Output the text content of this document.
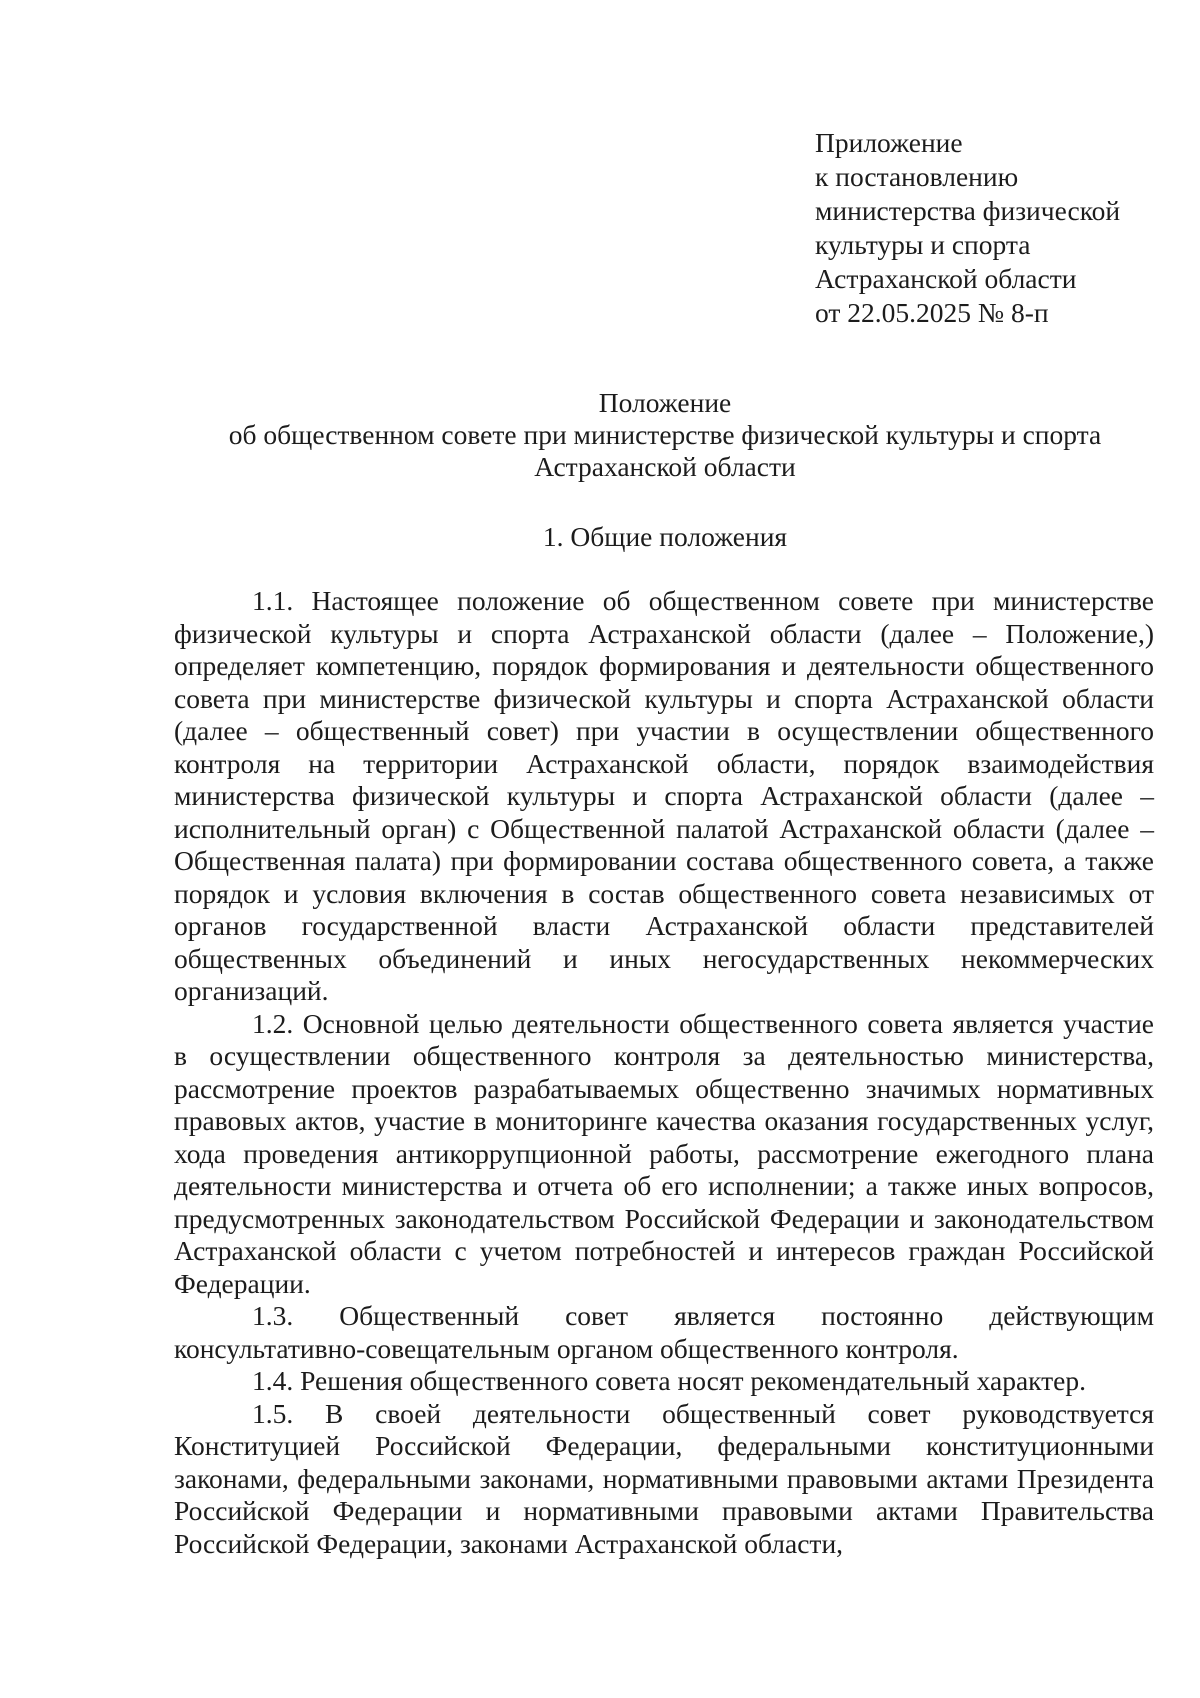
Приложение
к постановлению
министерства физической
культуры и спорта
Астраханской области
от 22.05.2025 № 8-п
Положение
об общественном совете при министерстве физической культуры и спорта
Астраханской области
1. Общие положения

1.1. Настоящее положение об общественном совете при министерстве физической культуры и спорта Астраханской области (далее – Положение,) определяет компетенцию, порядок формирования и деятельности общественного совета при министерстве физической культуры и спорта Астраханской области (далее – общественный совет) при участии в осуществлении общественного контроля на территории Астраханской области, порядок взаимодействия министерства физической культуры и спорта Астраханской области (далее – исполнительный орган) с Общественной палатой Астраханской области (далее – Общественная палата) при формировании состава общественного совета, а также порядок и условия включения в состав общественного совета независимых от органов государственной власти Астраханской области представителей общественных объединений и иных негосударственных некоммерческих организаций.

1.2. Основной целью деятельности общественного совета является участие в осуществлении общественного контроля за деятельностью министерства, рассмотрение проектов разрабатываемых общественно значимых нормативных правовых актов, участие в мониторинге качества оказания государственных услуг, хода проведения антикоррупционной работы, рассмотрение ежегодного плана деятельности министерства и отчета об его исполнении; а также иных вопросов, предусмотренных законодательством Российской Федерации и законодательством Астраханской области с учетом потребностей и интересов граждан Российской Федерации.

1.3. Общественный совет является постоянно действующим консультативно-совещательным органом общественного контроля.

1.4. Решения общественного совета носят рекомендательный характер.

1.5. В своей деятельности общественный совет руководствуется Конституцией Российской Федерации, федеральными конституционными законами, федеральными законами, нормативными правовыми актами Президента Российской Федерации и нормативными правовыми актами Правительства Российской Федерации, законами Астраханской области,
